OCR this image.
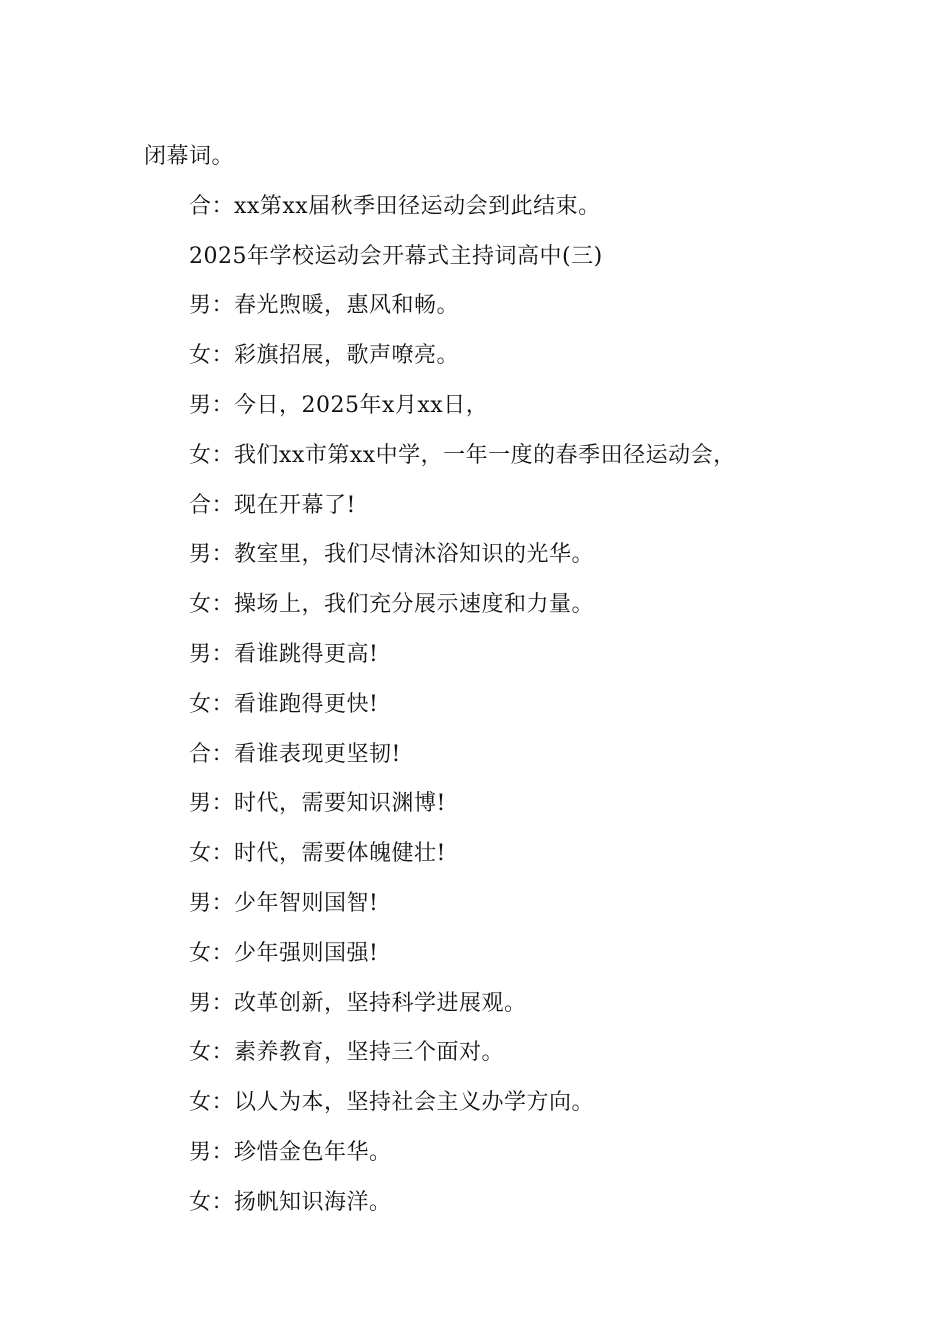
闭幕词。
合：xx第xx届秋季田径运动会到此结束。
2025年学校运动会开幕式主持词高中(三)
男：春光煦暖，惠风和畅。
女：彩旗招展，歌声嘹亮。
男：今日，2025年x月xx日，
女：我们xx市第xx中学，一年一度的春季田径运动会，
合：现在开幕了!
男：教室里，我们尽情沐浴知识的光华。
女：操场上，我们充分展示速度和力量。
男：看谁跳得更高!
女：看谁跑得更快!
合：看谁表现更坚韧!
男：时代，需要知识渊博!
女：时代，需要体魄健壮!
男：少年智则国智!
女：少年强则国强!
男：改革创新，坚持科学进展观。
女：素养教育，坚持三个面对。
女：以人为本，坚持社会主义办学方向。
男：珍惜金色年华。
女：扬帆知识海洋。
